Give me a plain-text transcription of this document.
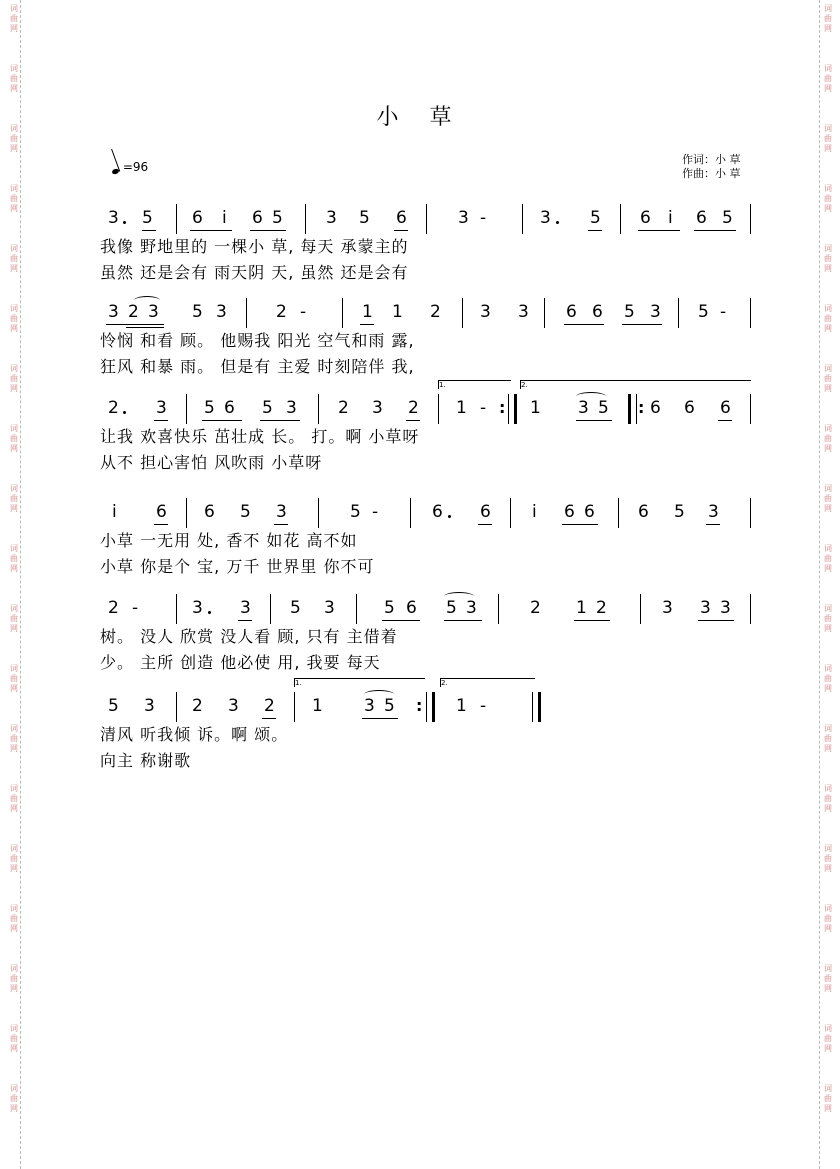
词
曲
网
词
曲
网
词
曲
网
词
曲
网
词
曲
网
词
曲
网
词
曲
网
词
曲
网
词
曲
网
词
曲
网
词
曲
网
词
曲
网
词
曲
网
词
曲
网
词
曲
网
词
曲
网
词
曲
网
词
曲
网
词
曲
网
词
曲
网
词
曲
网
词
曲
网
词
曲
网
词
曲
网
词
曲
网
词
曲
网
词
曲
网
词
曲
网
词
曲
网
词
曲
网
词
曲
网
词
曲
网
词
曲
网
词
曲
网
词
曲
网
词
曲
网
词
曲
网
词
曲
网
小 草
作词：小 草
作曲：小 草
=96
3 5 6 i 6 5	3 5 6	3 -	3 5 6 i 6 5
我像 野地里的 一棵小 草, 每天 承蒙主的
虽然 还是会有 雨天阴 天, 虽然 还是会有
3 2 3 5 3	2 -	1 1 2 3 3 6 6 5 3 5 -
怜悯 和看 顾。 他赐我 阳光 空气和雨 露,
狂风 和暴 雨。 但是有 主爱 时刻陪伴 我,
1.	2.
2 3 5 6 5 3 2 3 2 1 -	1 3 5 6 6 6
:	:
让我 欢喜快乐 茁壮成 长。 打。啊 小草呀
从不 担心害怕 风吹雨 小草呀
i 6 6 5 3	5 -	6 6 i 6 6	6 5 3
小草 一无用 处, 香不 如花 高不如
小草 你是个 宝, 万千 世界里 你不可
2 -	3 3 5 3	5 6 5 3	2 1 2	3 3 3
树。 没人 欣赏 没人看 顾, 只有 主借着
少。 主所 创造 他必使 用, 我要 每天
1.	2.
5 3 2 3 2 1 3 5	1 -
:
清风 听我倾 诉。啊 颂。
向主 称谢歌
